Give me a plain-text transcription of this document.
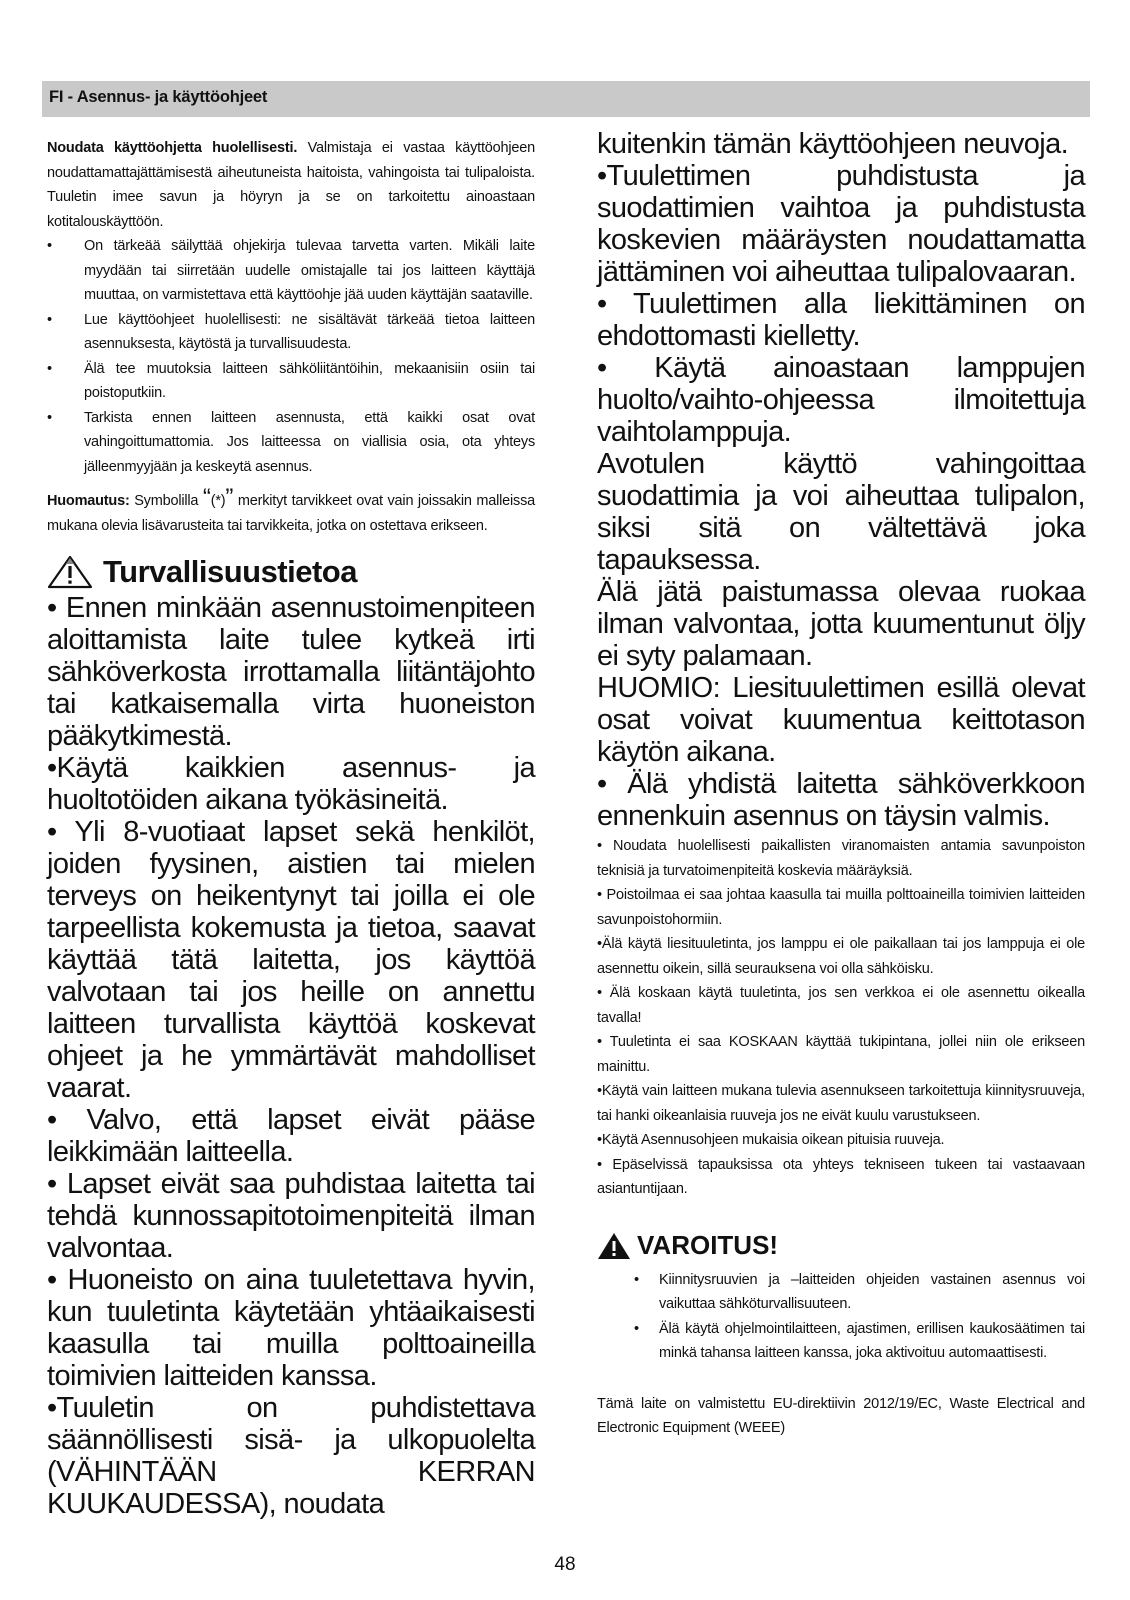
FI - Asennus- ja käyttöohjeet

Noudata käyttöohjetta huolellisesti. Valmistaja ei vastaa käyttöohjeen noudattamattajättämisestä aiheutuneista haitoista, vahingoista tai tulipaloista. Tuuletin imee savun ja höyryn ja se on tarkoitettu ainoastaan kotitalouskäyttöön.

• On tärkeää säilyttää ohjekirja tulevaa tarvetta varten. Mikäli laite myydään tai siirretään uudelle omistajalle tai jos laitteen käyttäjä muuttaa, on varmistettava että käyttöohje jää uuden käyttäjän saataville.
• Lue käyttöohjeet huolellisesti: ne sisältävät tärkeää tietoa laitteen asennuksesta, käytöstä ja turvallisuudesta.
• Älä tee muutoksia laitteen sähköliitäntöihin, mekaanisiin osiin tai poistoputkiin.
• Tarkista ennen laitteen asennusta, että kaikki osat ovat vahingoittumattomia. Jos laitteessa on viallisia osia, ota yhteys jälleenmyyjään ja keskeytä asennus.

Huomautus: Symbolilla “(*)” merkityt tarvikkeet ovat vain joissakin malleissa mukana olevia lisävarusteita tai tarvikkeita, jotka on ostettava erikseen.

Turvallisuustietoa

• Ennen minkään asennustoimenpiteen aloittamista laite tulee kytkeä irti sähköverkosta irrottamalla liitäntäjohto tai katkaisemalla virta huoneiston pääkytkimestä.

•Käytä kaikkien asennus- ja huoltotöiden aikana työkäsineitä.

• Yli 8-vuotiaat lapset sekä henkilöt, joiden fyysinen, aistien tai mielen terveys on heikentynyt tai joilla ei ole tarpeellista kokemusta ja tietoa, saavat käyttää tätä laitetta, jos käyttöä valvotaan tai jos heille on annettu laitteen turvallista käyttöä koskevat ohjeet ja he ymmärtävät mahdolliset vaarat.

• Valvo, että lapset eivät pääse leikkimään laitteella.

• Lapset eivät saa puhdistaa laitetta tai tehdä kunnossapitotoimenpiteitä ilman valvontaa.

• Huoneisto on aina tuuletettava hyvin, kun tuuletinta käytetään yhtäaikaisesti kaasulla tai muilla polttoaineilla toimivien laitteiden kanssa.

•Tuuletin on puhdistettava säännöllisesti sisä- ja ulkopuolelta (VÄHINTÄÄN KERRAN KUUKAUDESSA), noudata

kuitenkin tämän käyttöohjeen neuvoja.

•Tuulettimen puhdistusta ja suodattimien vaihtoa ja puhdistusta koskevien määräysten noudattamatta jättäminen voi aiheuttaa tulipalovaaran.

• Tuulettimen alla liekittäminen on ehdottomasti kielletty.

• Käytä ainoastaan lamppujen huolto/vaihto-ohjeessa ilmoitettuja vaihtolamppuja.

Avotulen käyttö vahingoittaa suodattimia ja voi aiheuttaa tulipalon, siksi sitä on vältettävä joka tapauksessa.

Älä jätä paistumassa olevaa ruokaa ilman valvontaa, jotta kuumentunut öljy ei syty palamaan.

HUOMIO: Liesituulettimen esillä olevat osat voivat kuumentua keittotason käytön aikana.

• Älä yhdistä laitetta sähköverkkoon ennenkuin asennus on täysin valmis.

• Noudata huolellisesti paikallisten viranomaisten antamia savunpoiston teknisiä ja turvatoimenpiteitä koskevia määräyksiä.

• Poistoilmaa ei saa johtaa kaasulla tai muilla polttoaineilla toimivien laitteiden savunpoistohormiin.

•Älä käytä liesituuletinta, jos lamppu ei ole paikallaan tai jos lamppuja ei ole asennettu oikein, sillä seurauksena voi olla sähköisku.

• Älä koskaan käytä tuuletinta, jos sen verkkoa ei ole asennettu oikealla tavalla!

• Tuuletinta ei saa KOSKAAN käyttää tukipintana, jollei niin ole erikseen mainittu.

•Käytä vain laitteen mukana tulevia asennukseen tarkoitettuja kiinnitysruuveja, tai hanki oikeanlaisia ruuveja jos ne eivät kuulu varustukseen.

•Käytä Asennusohjeen mukaisia oikean pituisia ruuveja.

• Epäselvissä tapauksissa ota yhteys tekniseen tukeen tai vastaavaan asiantuntijaan.

VAROITUS!
• Kiinnitysruuvien ja –laitteiden ohjeiden vastainen asennus voi vaikuttaa sähköturvallisuuteen.
• Älä käytä ohjelmointilaitteen, ajastimen, erillisen kaukosäätimen tai minkä tahansa laitteen kanssa, joka aktivoituu automaattisesti.

Tämä laite on valmistettu EU-direktiivin 2012/19/EC, Waste Electrical and Electronic Equipment (WEEE)

48
